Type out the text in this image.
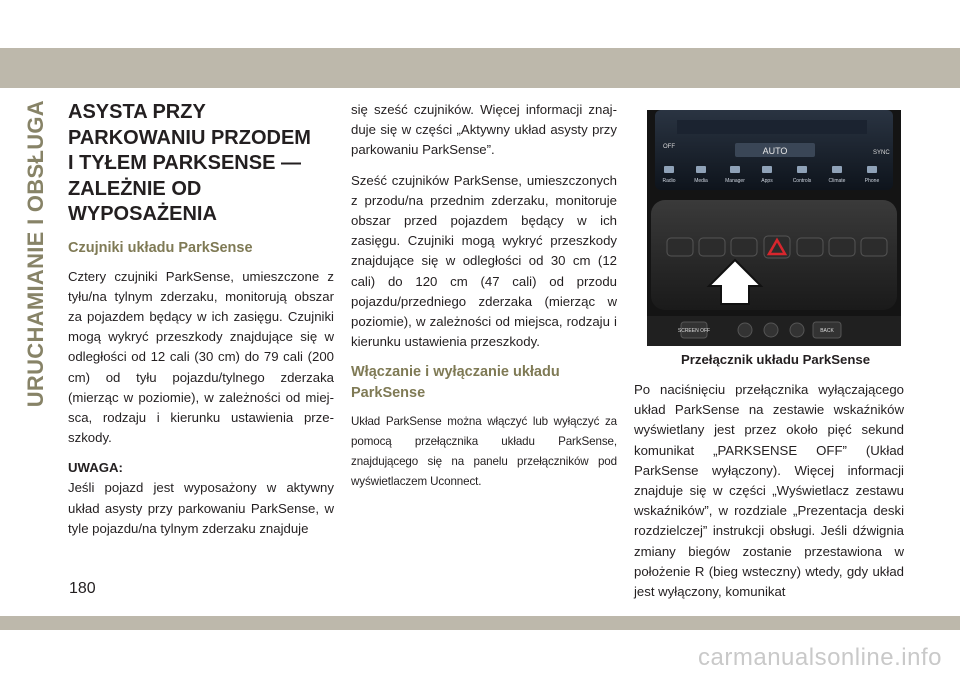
URUCHAMIANIE I OBSŁUGA ASYSTA PRZY
PARKOWANIU PRZODEM
I TYŁEM PARKSENSE —
ZALEŻNIE OD
WYPOSAŻENIA
Czujniki układu ParkSense

Cztery czujniki ParkSense, umieszczone z tyłu/na tylnym zderzaku, monitorują obszar za pojazdem będący w ich zasięgu. Czujniki mogą wykryć przeszkody znajdujące się w odległości od 12 cali (30 cm) do 79 cali (200 cm) od tyłu pojazdu/tylnego zderzaka (mierząc w poziomie), w zależności od miejsca, rodzaju i kierunku ustawienia przeszkody.

UWAGA:

Jeśli pojazd jest wyposażony w aktywny układ asysty przy parkowaniu ParkSense, w tyle pojazdu/na tylnym zderzaku znajduje

się sześć czujników. Więcej informacji znajduje się w części „Aktywny układ asysty przy parkowaniu ParkSense”.

Sześć czujników ParkSense, umieszczonych z przodu/na przednim zderzaku, monitoruje obszar przed pojazdem będący w ich zasięgu. Czujniki mogą wykryć przeszkody znajdujące się w odległości od 30 cm (12 cali) do 120 cm (47 cali) od przodu pojazdu/przedniego zderzaka (mierząc w poziomie), w zależności od miejsca, rodzaju i kierunku ustawienia przeszkody.

Włączanie i wyłączanie układu ParkSense

Układ ParkSense można włączyć lub wyłączyć za pomocą przełącznika układu ParkSense, znajdującego się na panelu przełączników pod wyświetlaczem Uconnect.

AUTO
OFF
SYNC
Radio	Media	Manager	Apps	Controls	Climate	Phone
SCREEN OFF	BACK
Przełącznik układu ParkSense

Po naciśnięciu przełącznika wyłączającego układ ParkSense na zestawie wskaźników wyświetlany jest przez około pięć sekund komunikat „PARKSENSE OFF” (Układ ParkSense wyłączony). Więcej informacji znajduje się w części „Wyświetlacz zestawu wskaźników”, w rozdziale „Prezentacja deski rozdzielczej” instrukcji obsługi. Jeśli dźwignia zmiany biegów zostanie przestawiona w położenie R (bieg wsteczny) wtedy, gdy układ jest wyłączony, komunikat

180
carmanualsonline.info
